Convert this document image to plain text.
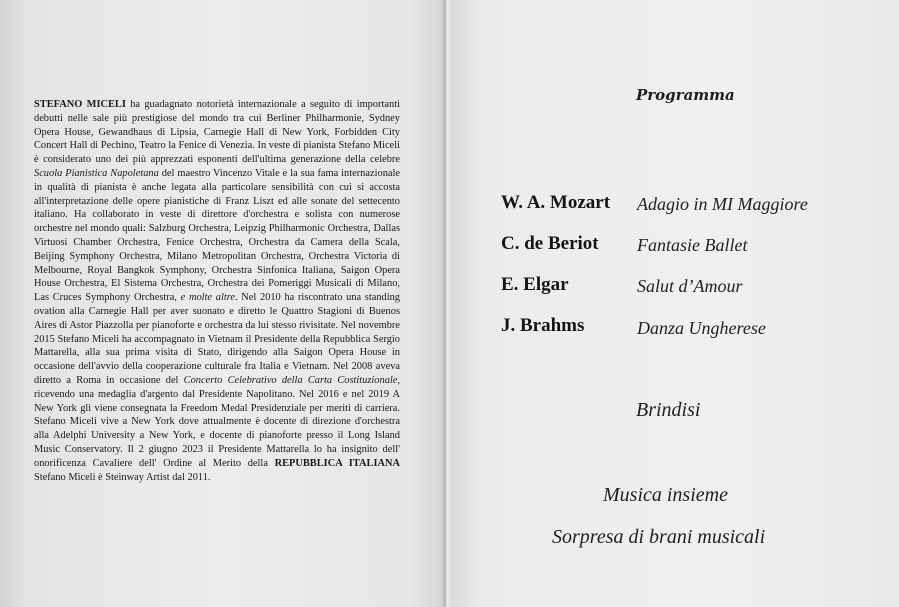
STEFANO MICELI ha guadagnato notorietà internazionale a seguito di importanti debutti nelle sale più prestigiose del mondo tra cui Berliner Philharmonie, Sydney Opera House, Gewandhaus di Lipsia, Carnegie Hall di New York, Forbidden City Concert Hall di Pechino, Teatro la Fenice di Venezia. In veste di pianista Stefano Miceli è considerato uno dei più apprezzati esponenti dell'ultima generazione della celebre Scuola Pianistica Napoletana del maestro Vincenzo Vitale e la sua fama internazionale in qualità di pianista è anche legata alla particolare sensibilità con cui si accosta all'interpretazione delle opere pianistiche di Franz Liszt ed alle sonate del settecento italiano. Ha collaborato in veste di direttore d'orchestra e solista con numerose orchestre nel mondo quali: Salzburg Orchestra, Leipzig Philharmonic Orchestra, Dallas Virtuosi Chamber Orchestra, Fenice Orchestra, Orchestra da Camera della Scala, Beijing Symphony Orchestra, Milano Metropolitan Orchestra, Orchestra Victoria di Melbourne, Royal Bangkok Symphony, Orchestra Sinfonica Italiana, Saigon Opera House Orchestra, El Sistema Orchestra, Orchestra dei Pomeriggi Musicali di Milano, Las Cruces Symphony Orchestra, e molte altre. Nel 2010 ha riscontrato una standing ovation alla Carnegie Hall per aver suonato e diretto le Quattro Stagioni di Buenos Aires di Astor Piazzolla per pianoforte e orchestra da lui stesso rivisitate. Nel novembre 2015 Stefano Miceli ha accompagnato in Vietnam il Presidente della Repubblica Sergio Mattarella, alla sua prima visita di Stato, dirigendo alla Saigon Opera House in occasione dell'avvio della cooperazione culturale fra Italia e Vietnam. Nel 2008 aveva diretto a Roma in occasione del Concerto Celebrativo della Carta Costituzionale, ricevendo una medaglia d'argento dal Presidente Napolitano. Nel 2016 e nel 2019 A New York gli viene consegnata la Freedom Medal Presidenziale per meriti di carriera. Stefano Miceli vive a New York dove attualmente è docente di direzione d'orchestra alla Adelphi University a New York, e docente di pianoforte presso il Long Island Music Conservatory. Il 2 giugno 2023 il Presidente Mattarella lo ha insignito dell' onorificenza Cavaliere dell' Ordine al Merito della REPUBBLICA ITALIANA Stefano Miceli è Steinway Artist dal 2011.

Programma
W. A. Mozart Adagio in MI Maggiore
C. de Beriot Fantasie Ballet
E. Elgar	Salut d’Amour
J. Brahms	Danza Ungherese
Brindisi
Musica insieme
Sorpresa di brani musicali
